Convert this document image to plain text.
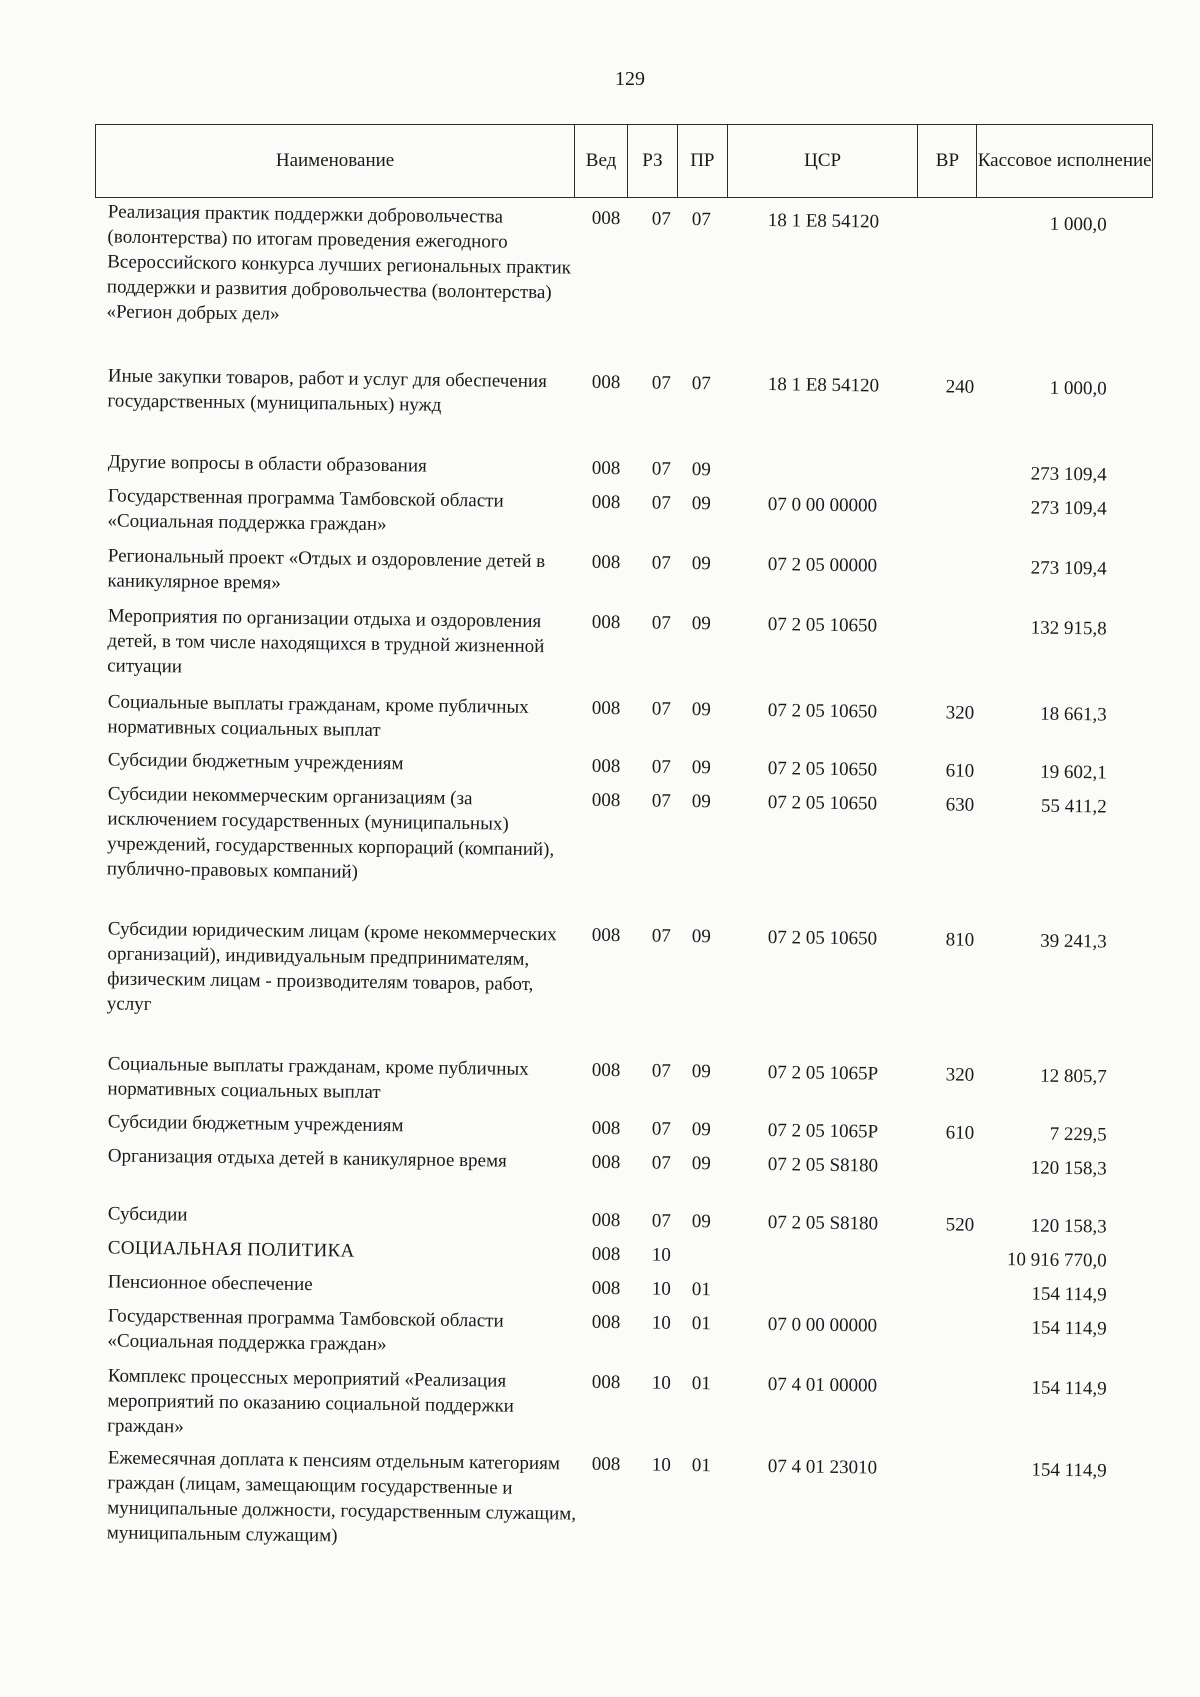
129
Наименование	Вед	РЗ	ПР	ЦСР	ВР Кассовое исполнение
Реализация практик поддержки добровольчества (волонтерства) по итогам проведения ежегодного Всероссийского конкурса лучших региональных практик поддержки и развития добровольчества (волонтерства) «Регион добрых дел»
008 07 07	18 1 E8 54120	1 000,0
Иные закупки товаров, работ и услуг для обеспечения государственных (муниципальных) нужд
008 07 07	18 1 E8 54120	240	1 000,0
Другие вопросы в области образования	008 07 09	273 109,4
Государственная программа Тамбовской области «Социальная поддержка граждан»
008 07 09	07 0 00 00000	273 109,4
Региональный проект «Отдых и оздоровление детей в каникулярное время»
008 07 09	07 2 05 00000	273 109,4
Мероприятия по организации отдыха и оздоровления детей, в том числе находящихся в трудной жизненной ситуации
008 07 09	07 2 05 10650	132 915,8
Социальные выплаты гражданам, кроме публичных нормативных социальных выплат
008 07 09	07 2 05 10650	320	18 661,3
Субсидии бюджетным учреждениям	008 07 09	07 2 05 10650	610	19 602,1
Субсидии некоммерческим организациям (за исключением государственных (муниципальных) учреждений, государственных корпораций (компаний), публично-правовых компаний)
008 07 09	07 2 05 10650	630	55 411,2
Субсидии юридическим лицам (кроме некоммерческих организаций), индивидуальным предпринимателям, физическим лицам - производителям товаров, работ, услуг
008 07 09	07 2 05 10650	810	39 241,3
Социальные выплаты гражданам, кроме публичных нормативных социальных выплат
008 07 09	07 2 05 1065Р	320	12 805,7
Субсидии бюджетным учреждениям	008 07 09	07 2 05 1065Р	610	7 229,5
Организация отдыха детей в каникулярное время	008 07 09	07 2 05 S8180	120 158,3
Субсидии	008 07 09	07 2 05 S8180	520	120 158,3
СОЦИАЛЬНАЯ ПОЛИТИКА	008 10	10 916 770,0
Пенсионное обеспечение	008 10 01	154 114,9
Государственная программа Тамбовской области «Социальная поддержка граждан»
008 10 01	07 0 00 00000	154 114,9
Комплекс процессных мероприятий «Реализация мероприятий по оказанию социальной поддержки граждан»
008 10 01	07 4 01 00000	154 114,9
Ежемесячная доплата к пенсиям отдельным категориям граждан (лицам, замещающим государственные и муниципальные должности, государственным служащим, муниципальным служащим)
008 10 01	07 4 01 23010	154 114,9
